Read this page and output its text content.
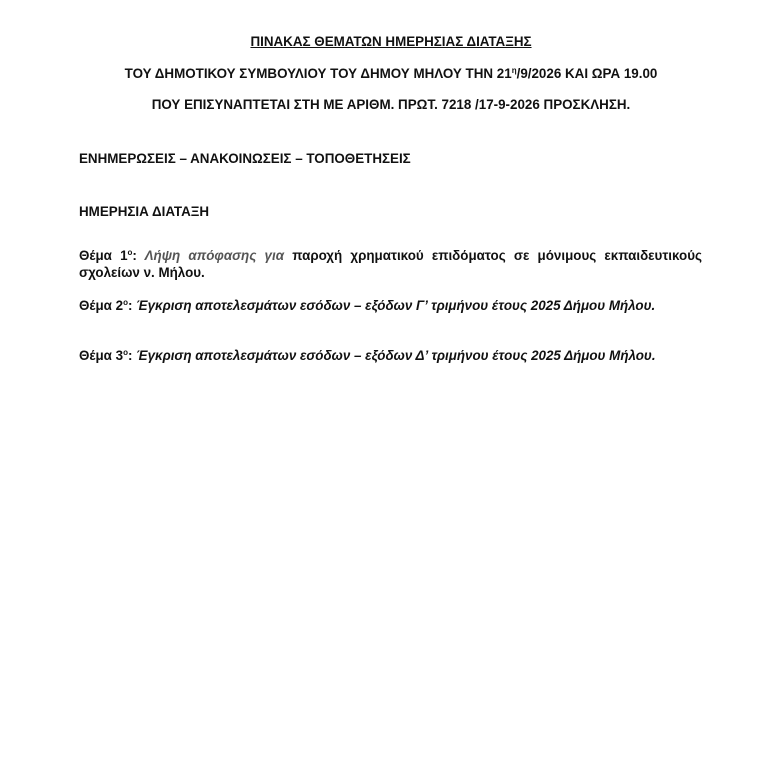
ΠΙΝΑΚΑΣ ΘΕΜΑΤΩΝ ΗΜΕΡΗΣΙΑΣ ΔΙΑΤΑΞΗΣ
ΤΟΥ ΔΗΜΟΤΙΚΟΥ ΣΥΜΒΟΥΛΙΟΥ ΤΟΥ ΔΗΜΟΥ ΜΗΛΟΥ ΤΗΝ $21^\eta/9/2026$ ΚΑΙ ΩΡΑ 19.00
ΠΟΥ ΕΠΙΣΥΝΑΠΤΕΤΑΙ ΣΤΗ ΜΕ ΑΡΙΘΜ. ΠΡΩΤ. 7218 /17-9-2026 ΠΡΟΣΚΛΗΣΗ.
ΕΝΗΜΕΡΩΣΕΙΣ – ΑΝΑΚΟΙΝΩΣΕΙΣ – ΤΟΠΟΘΕΤΗΣΕΙΣ
ΗΜΕΡΗΣΙΑ ΔΙΑΤΑΞΗ
Θέμα $1^o$: Λήψη απόφασης για παροχή χρηματικού επιδόματος σε μόνιμους εκπαιδευτικούς σχολείων ν. Μήλου.
Θέμα $2^o$: Έγκριση αποτελεσμάτων εσόδων – εξόδων Γ’ τριμήνου έτους 2025 Δήμου Μήλου.
Θέμα $3^o$: Έγκριση αποτελεσμάτων εσόδων – εξόδων Δ’ τριμήνου έτους 2025 Δήμου Μήλου.
